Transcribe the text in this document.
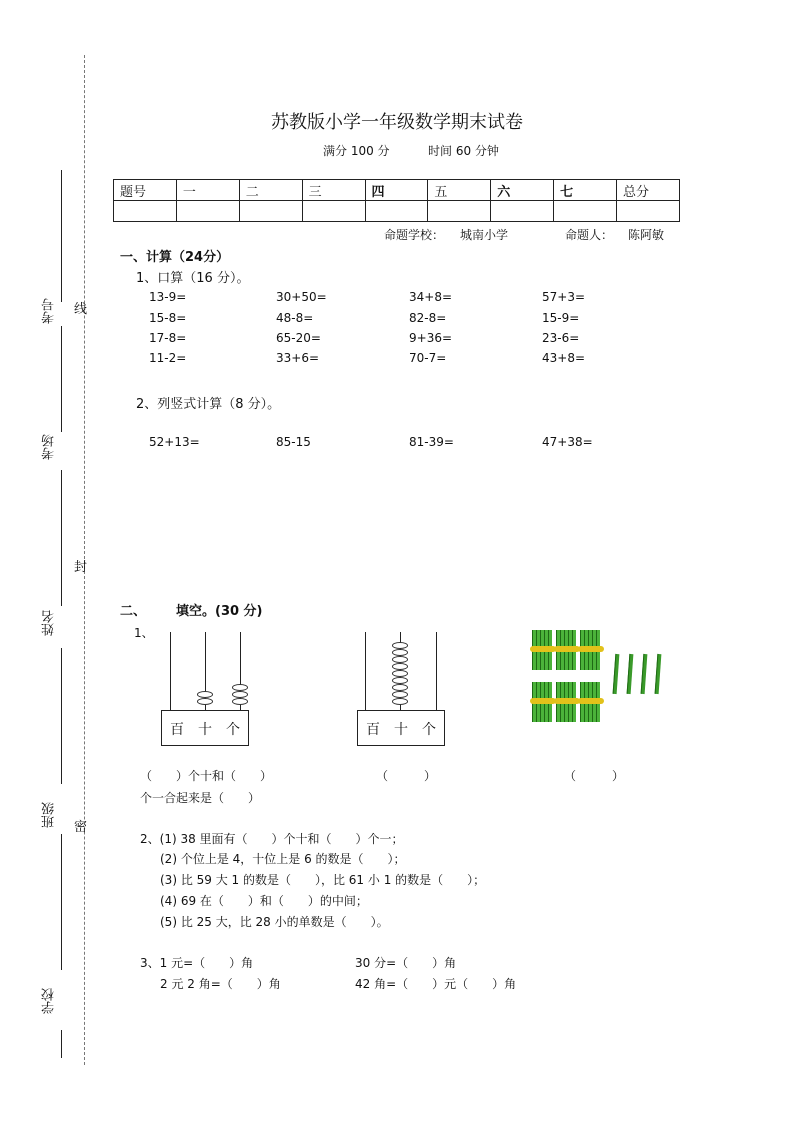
考号
考场
姓名
班级
学校
线
封
密
苏教版小学一年级数学期末试卷
满分 100 分	时间 60 分钟
题号	一	二	三	四	五	六	七	总分

命题学校： 城南小学	命题人： 陈阿敏
一、计算（24分）
1、口算（16 分）。
13-9=	30+50=	34+8=	57+3=
15-8=	48-8=	82-8=	15-9=
17-8=	65-20=	9+36=	23-6=
11-2=	33+6=	70-7=	43+8=
2、列竖式计算（8 分）。
52+13=	85-15	81-39=	47+38=
二、 填空。(30 分)
1、
百 十 个	百 十 个
（　　）个十和（　　）
个一合起来是（　　）
（　　　）	（　　　）
2、(1) 38 里面有（　　）个十和（　　）个一；
(2) 个位上是 4，十位上是 6 的数是（　　）；
(3) 比 59 大 1 的数是（　　），比 61 小 1 的数是（　　）；
(4) 69 在（　　）和（　　）的中间；
(5) 比 25 大，比 28 小的单数是（　　）。
3、1 元=（　　）角	30 分=（　　）角
2 元 2 角=（　　）角	42 角=（　　）元（　　）角
